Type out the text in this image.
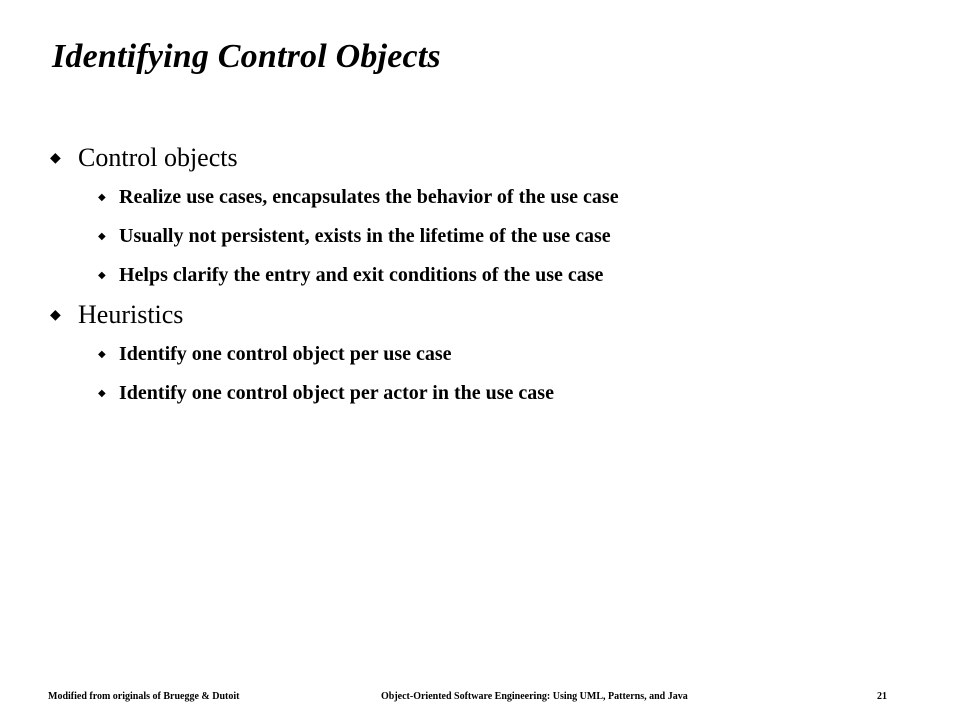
Identifying Control Objects
◆ Control objects
◆ Realize use cases, encapsulates the behavior of the use case
◆ Usually not persistent, exists in the lifetime of the use case
◆ Helps clarify the entry and exit conditions of the use case
◆ Heuristics
◆ Identify one control object per use case
◆ Identify one control object per actor in the use case
Modified from originals of Bruegge & Dutoit	Object-Oriented Software Engineering: Using UML, Patterns, and Java	21
